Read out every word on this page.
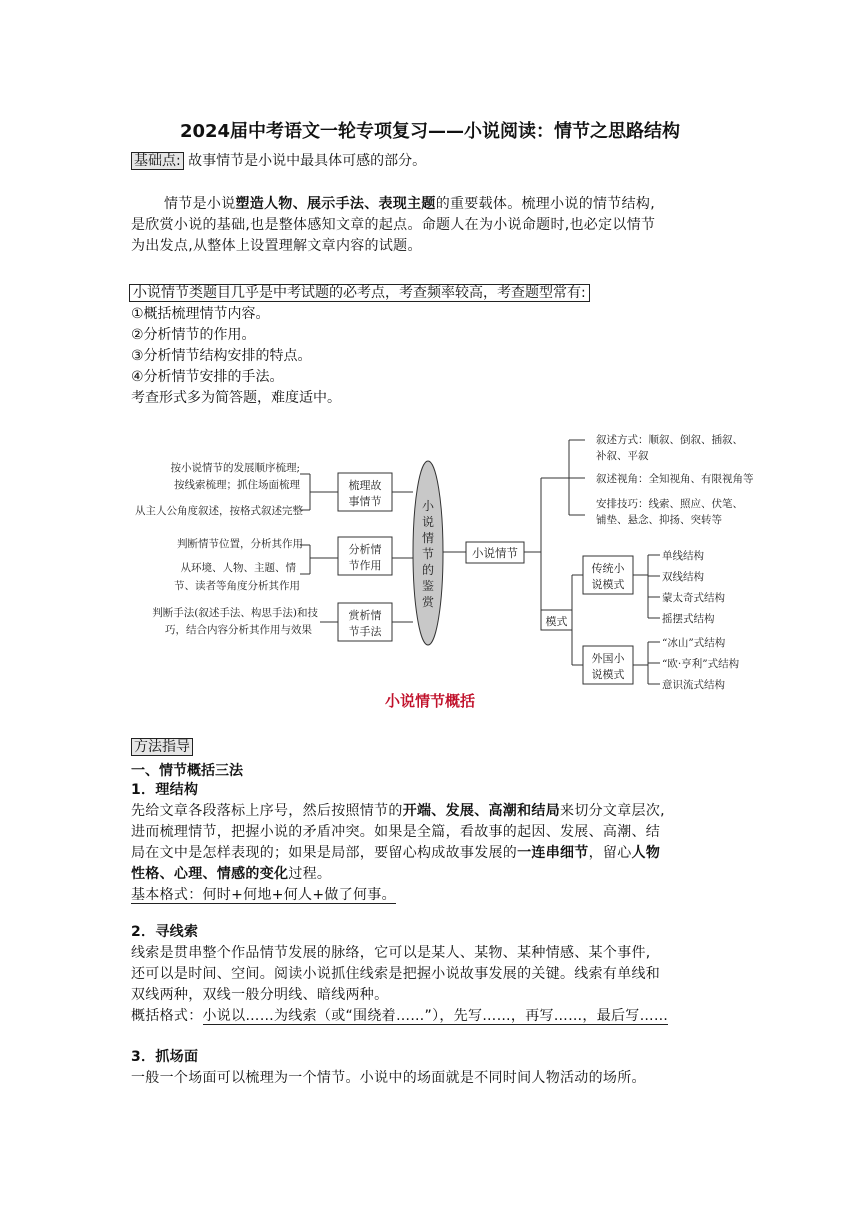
2024届中考语文一轮专项复习——小说阅读：情节之思路结构
基础点: 故事情节是小说中最具体可感的部分。

情节是小说塑造人物、展示手法、表现主题的重要载体。梳理小说的情节结构,

是欣赏小说的基础,也是整体感知文章的起点。命题人在为小说命题时,也必定以情节

为出发点,从整体上设置理解文章内容的试题。

小说情节类题目几乎是中考试题的必考点，考查频率较高，考查题型常有:
①概括梳理情节内容。
②分析情节的作用。
③分析情节结构安排的特点。
④分析情节安排的手法。
考查形式多为简答题，难度适中。
小
说
情
节
的
鉴
赏
梳理故
事情节
分析情
节作用
赏析情
节手法
按小说情节的发展顺序梳理;
按线索梳理；抓住场面梳理
从主人公角度叙述，按格式叙述完整
判断情节位置，分析其作用
从环境、人物、主题、情
节、读者等角度分析其作用
判断手法(叙述手法、构思手法)和技
巧，结合内容分析其作用与效果
小说情节
叙述方式：顺叙、倒叙、插叙、
补叙、平叙
叙述视角：全知视角、有限视角等
安排技巧：线索、照应、伏笔、
铺垫、悬念、抑扬、突转等
模式
传统小
说模式
外国小
说模式
单线结构
双线结构
蒙太奇式结构
摇摆式结构
“冰山”式结构
“欧·亨利”式结构
意识流式结构
小说情节概括
方法指导
一、情节概括三法

1．理结构

先给文章各段落标上序号，然后按照情节的开端、发展、高潮和结局来切分文章层次,

进而梳理情节，把握小说的矛盾冲突。如果是全篇，看故事的起因、发展、高潮、结

局在文中是怎样表现的；如果是局部，要留心构成故事发展的一连串细节，留心人物

性格、心理、情感的变化过程。

基本格式：何时+何地+何人+做了何事。

2．寻线索

线索是贯串整个作品情节发展的脉络，它可以是某人、某物、某种情感、某个事件,

还可以是时间、空间。阅读小说抓住线索是把握小说故事发展的关键。线索有单线和

双线两种，双线一般分明线、暗线两种。

概括格式：小说以……为线索（或“围绕着……”），先写……，再写……，最后写……

3．抓场面

一般一个场面可以梳理为一个情节。小说中的场面就是不同时间人物活动的场所。
